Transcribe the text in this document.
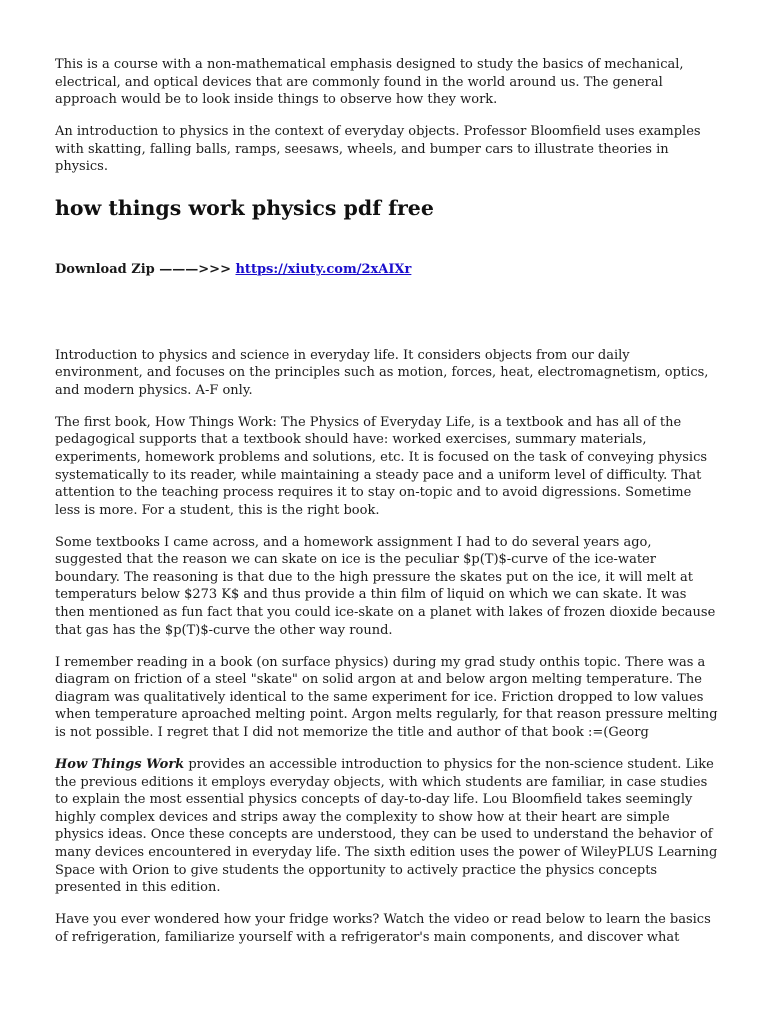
This is a course with a non-mathematical emphasis designed to study the basics of mechanical, electrical, and optical devices that are commonly found in the world around us. The general approach would be to look inside things to observe how they work.

An introduction to physics in the context of everyday objects. Professor Bloomfield uses examples with skatting, falling balls, ramps, seesaws, wheels, and bumper cars to illustrate theories in physics.

how things work physics pdf free
Download Zip ———>>> https://xiuty.com/2xAIXr

Introduction to physics and science in everyday life. It considers objects from our daily environment, and focuses on the principles such as motion, forces, heat, electromagnetism, optics, and modern physics. A-F only.

The first book, How Things Work: The Physics of Everyday Life, is a textbook and has all of the pedagogical supports that a textbook should have: worked exercises, summary materials, experiments, homework problems and solutions, etc. It is focused on the task of conveying physics systematically to its reader, while maintaining a steady pace and a uniform level of difficulty. That attention to the teaching process requires it to stay on-topic and to avoid digressions. Sometime less is more. For a student, this is the right book.

Some textbooks I came across, and a homework assignment I had to do several years ago, suggested that the reason we can skate on ice is the peculiar $p(T)$-curve of the ice-water boundary. The reasoning is that due to the high pressure the skates put on the ice, it will melt at temperaturs below $273 K$ and thus provide a thin film of liquid on which we can skate. It was then mentioned as fun fact that you could ice-skate on a planet with lakes of frozen dioxide because that gas has the $p(T)$-curve the other way round.

I remember reading in a book (on surface physics) during my grad study onthis topic. There was a diagram on friction of a steel "skate" on solid argon at and below argon melting temperature. The diagram was qualitatively identical to the same experiment for ice. Friction dropped to low values when temperature aproached melting point. Argon melts regularly, for that reason pressure melting is not possible. I regret that I did not memorize the title and author of that book :=(Georg

How Things Work provides an accessible introduction to physics for the non-science student. Like the previous editions it employs everyday objects, with which students are familiar, in case studies to explain the most essential physics concepts of day-to-day life. Lou Bloomfield takes seemingly highly complex devices and strips away the complexity to show how at their heart are simple physics ideas. Once these concepts are understood, they can be used to understand the behavior of many devices encountered in everyday life. The sixth edition uses the power of WileyPLUS Learning Space with Orion to give students the opportunity to actively practice the physics concepts presented in this edition.

Have you ever wondered how your fridge works? Watch the video or read below to learn the basics of refrigeration, familiarize yourself with a refrigerator's main components, and discover what
